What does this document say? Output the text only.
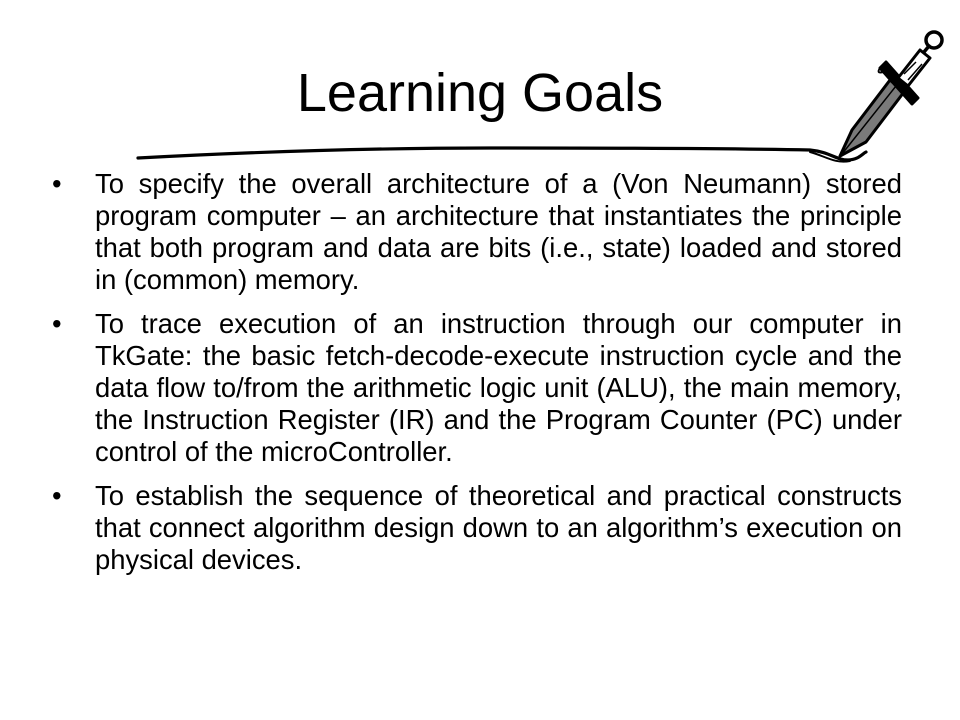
Learning Goals
• To specify the overall architecture of a (Von Neumann) stored program computer – an architecture that instantiates the principle that both program and data are bits (i.e., state) loaded and stored in (common) memory.
• To trace execution of an instruction through our computer in TkGate: the basic fetch-decode-execute instruction cycle and the data flow to/from the arithmetic logic unit (ALU), the main memory, the Instruction Register (IR) and the Program Counter (PC) under control of the microController.
• To establish the sequence of theoretical and practical constructs that connect algorithm design down to an algorithm’s execution on physical devices.
